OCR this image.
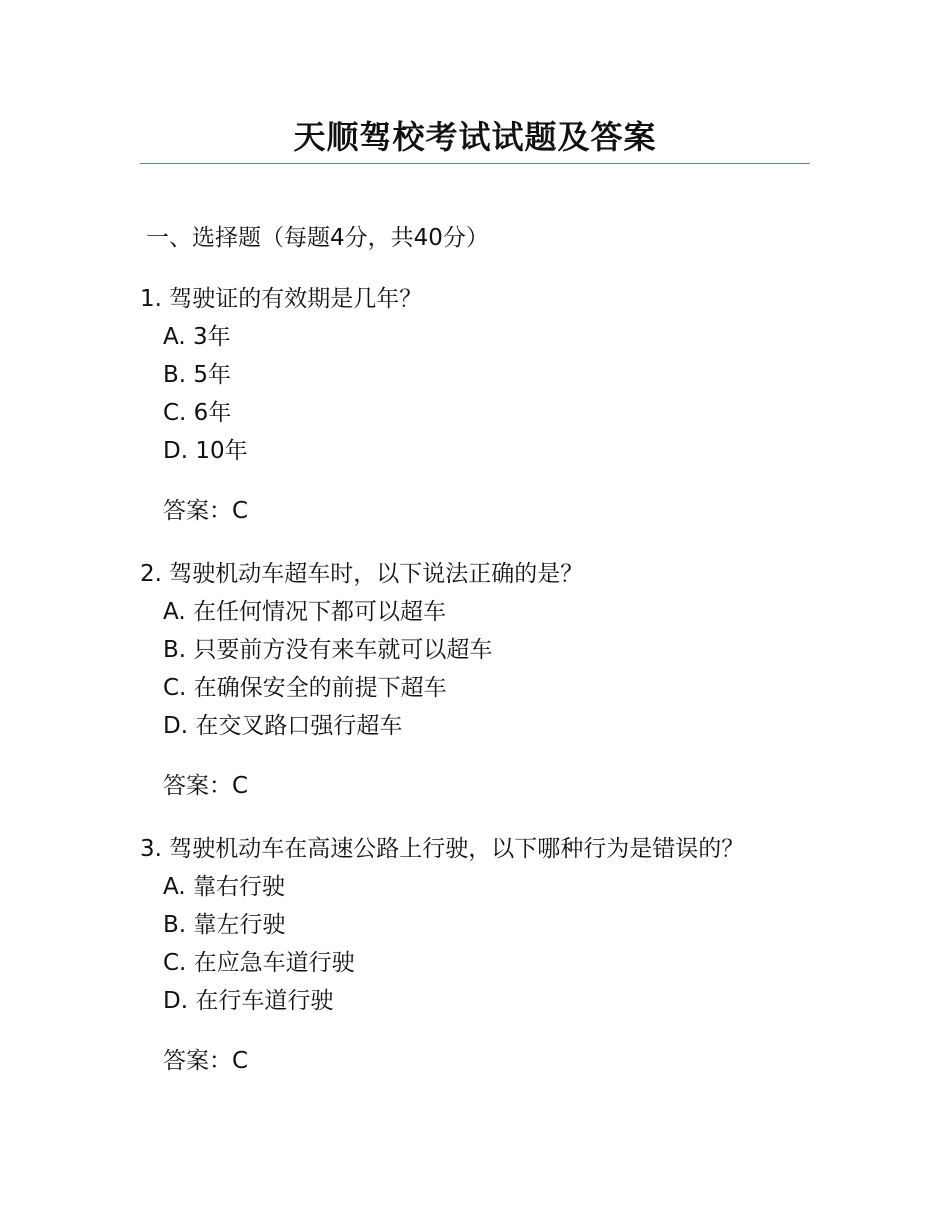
天顺驾校考试试题及答案
一、选择题（每题4分，共40分）
1. 驾驶证的有效期是几年？
A. 3年
B. 5年
C. 6年
D. 10年
答案：C
2. 驾驶机动车超车时，以下说法正确的是？
A. 在任何情况下都可以超车
B. 只要前方没有来车就可以超车
C. 在确保安全的前提下超车
D. 在交叉路口强行超车
答案：C
3. 驾驶机动车在高速公路上行驶，以下哪种行为是错误的？
A. 靠右行驶
B. 靠左行驶
C. 在应急车道行驶
D. 在行车道行驶
答案：C
